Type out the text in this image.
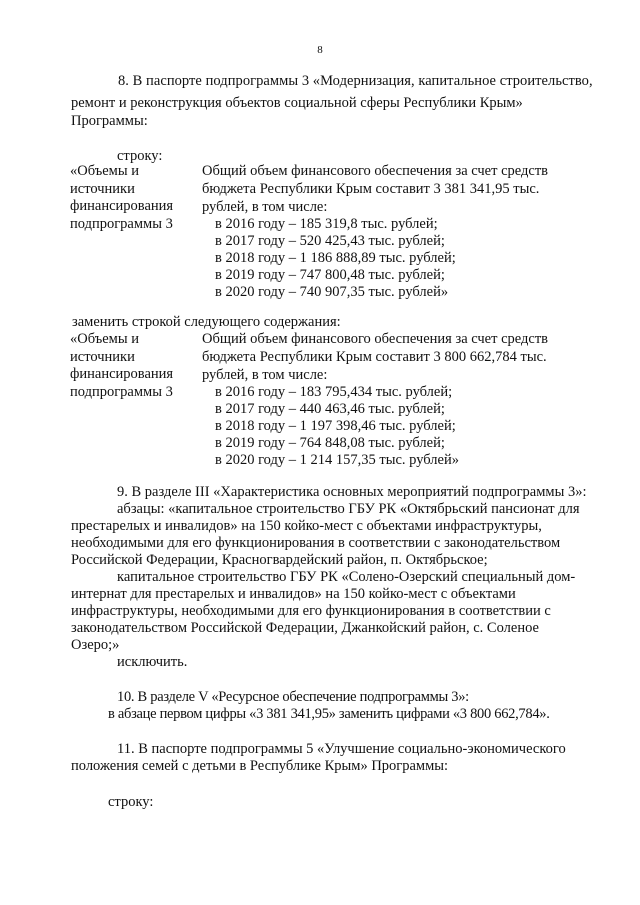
8
8. В паспорте подпрограммы 3 «Модернизация, капитальное строительство,
ремонт и реконструкция объектов социальной сферы Республики Крым»
Программы:
строку:
«Объемы и
источники
финансирования
подпрограммы 3
Общий объем финансового обеспечения за счет средств
бюджета Республики Крым составит 3 381 341,95 тыс.
рублей, в том числе:
в 2016 году – 185 319,8 тыс. рублей;
в 2017 году – 520 425,43 тыс. рублей;
в 2018 году – 1 186 888,89 тыс. рублей;
в 2019 году – 747 800,48 тыс. рублей;
в 2020 году – 740 907,35 тыс. рублей»
заменить строкой следующего содержания:
«Объемы и
источники
финансирования
подпрограммы 3
Общий объем финансового обеспечения за счет средств
бюджета Республики Крым составит 3 800 662,784 тыс.
рублей, в том числе:
в 2016 году – 183 795,434 тыс. рублей;
в 2017 году – 440 463,46 тыс. рублей;
в 2018 году – 1 197 398,46 тыс. рублей;
в 2019 году – 764 848,08 тыс. рублей;
в 2020 году – 1 214 157,35 тыс. рублей»
9. В разделе III «Характеристика основных мероприятий подпрограммы 3»:
абзацы: «капитальное строительство ГБУ РК «Октябрьский пансионат для
престарелых и инвалидов» на 150 койко-мест с объектами инфраструктуры,
необходимыми для его функционирования в соответствии с законодательством
Российской Федерации, Красногвардейский район, п. Октябрьское;
капитальное строительство ГБУ РК «Солено-Озерский специальный дом-
интернат для престарелых и инвалидов» на 150 койко-мест с объектами
инфраструктуры, необходимыми для его функционирования в соответствии с
законодательством Российской Федерации, Джанкойский район, с. Соленое
Озеро;»
исключить.
10. В разделе V «Ресурсное обеспечение подпрограммы 3»:
в абзаце первом цифры «3 381 341,95» заменить цифрами «3 800 662,784».
11. В паспорте подпрограммы 5 «Улучшение социально-экономического
положения семей с детьми в Республике Крым» Программы:
строку:
